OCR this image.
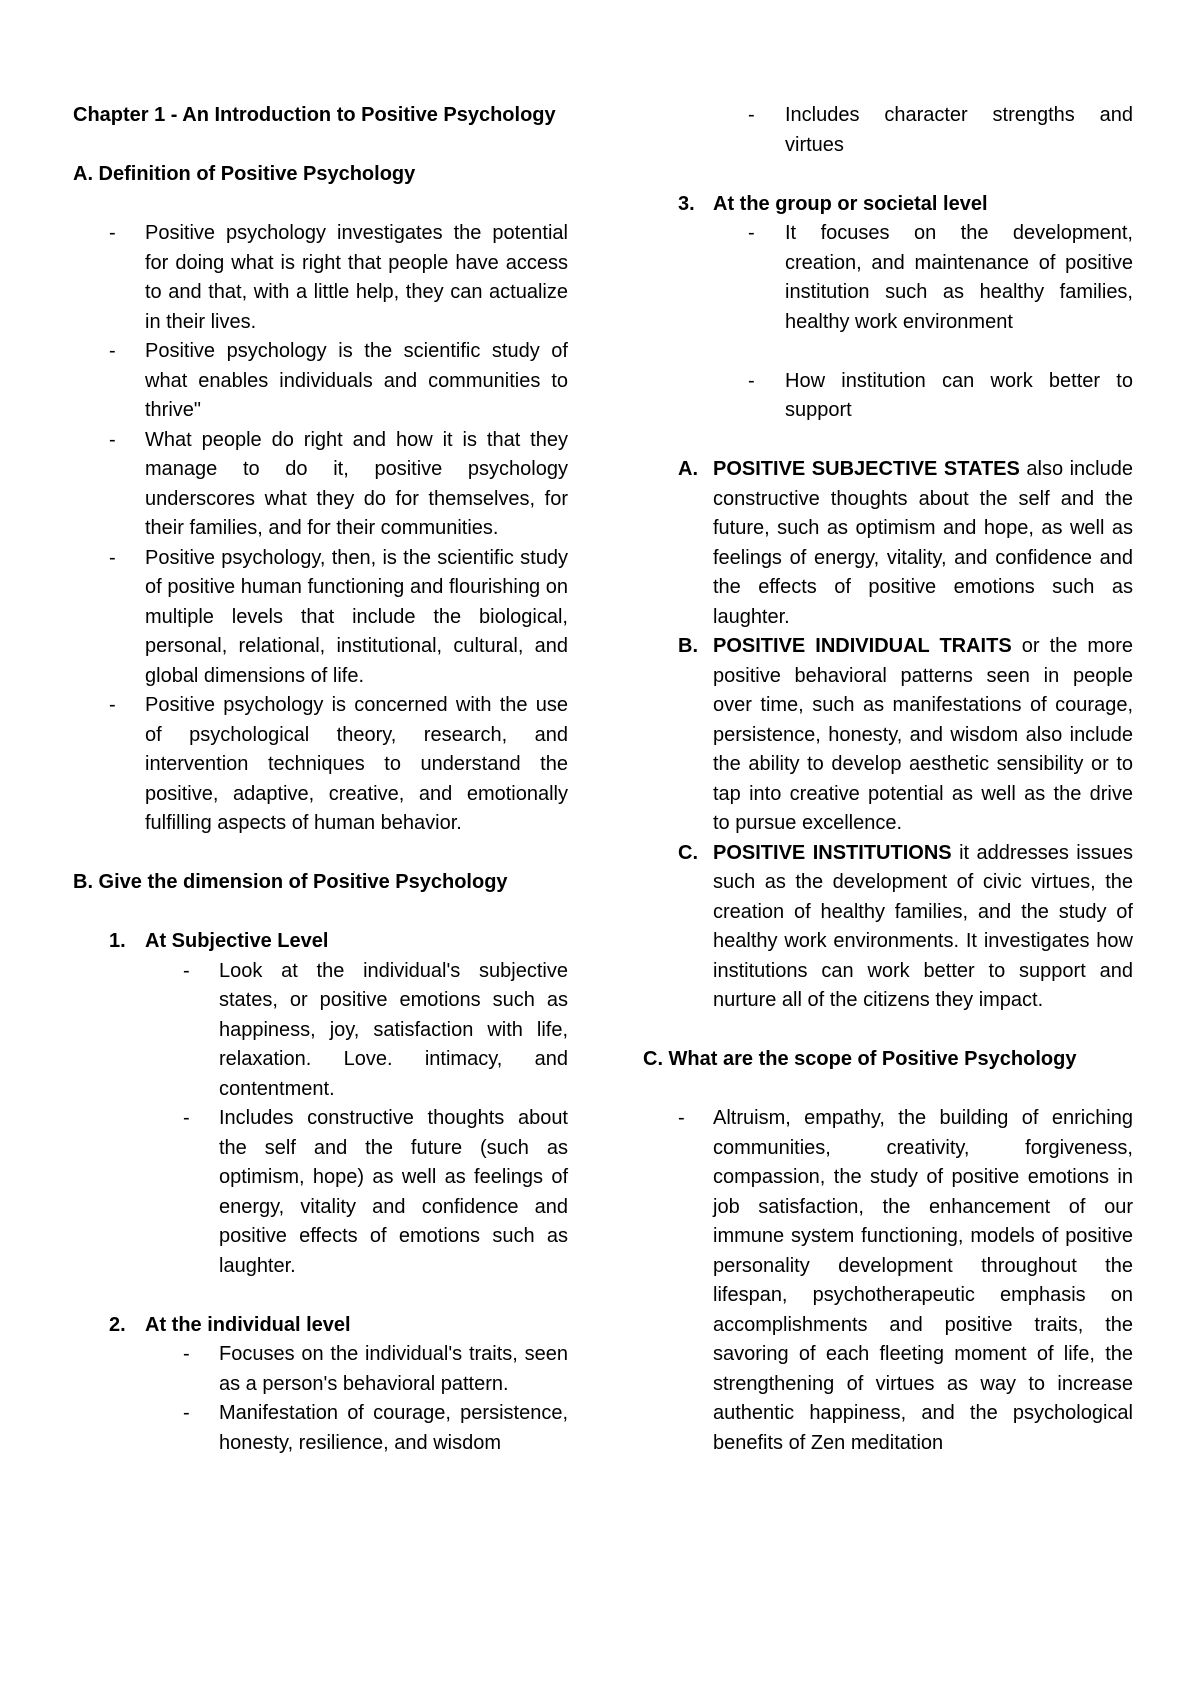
Chapter 1 - An Introduction to Positive Psychology
A. Definition of Positive Psychology
- Positive psychology investigates the potential for doing what is right that people have access to and that, with a little help, they can actualize in their lives.
- Positive psychology is the scientific study of what enables individuals and communities to thrive"
- What people do right and how it is that they manage to do it, positive psychology underscores what they do for themselves, for their families, and for their communities.
- Positive psychology, then, is the scientific study of positive human functioning and flourishing on multiple levels that include the biological, personal, relational, institutional, cultural, and global dimensions of life.
- Positive psychology is concerned with the use of psychological theory, research, and intervention techniques to understand the positive, adaptive, creative, and emotionally fulfilling aspects of human behavior.
B. Give the dimension of Positive Psychology
1. At Subjective Level
- Look at the individual's subjective states, or positive emotions such as happiness, joy, satisfaction with life, relaxation. Love. intimacy, and contentment.
- Includes constructive thoughts about the self and the future (such as optimism, hope) as well as feelings of energy, vitality and confidence and positive effects of emotions such as laughter.
2. At the individual level
- Focuses on the individual's traits, seen as a person's behavioral pattern.
- Manifestation of courage, persistence, honesty, resilience, and wisdom
- Includes character strengths and virtues
3. At the group or societal level
- It focuses on the development, creation, and maintenance of positive institution such as healthy families, healthy work environment
- How institution can work better to support
A. POSITIVE SUBJECTIVE STATES also include constructive thoughts about the self and the future, such as optimism and hope, as well as feelings of energy, vitality, and confidence and the effects of positive emotions such as laughter.
B. POSITIVE INDIVIDUAL TRAITS or the more positive behavioral patterns seen in people over time, such as manifestations of courage, persistence, honesty, and wisdom also include the ability to develop aesthetic sensibility or to tap into creative potential as well as the drive to pursue excellence.
C. POSITIVE INSTITUTIONS it addresses issues such as the development of civic virtues, the creation of healthy families, and the study of healthy work environments. It investigates how institutions can work better to support and nurture all of the citizens they impact.
C. What are the scope of Positive Psychology
- Altruism, empathy, the building of enriching communities, creativity, forgiveness, compassion, the study of positive emotions in job satisfaction, the enhancement of our immune system functioning, models of positive personality development throughout the lifespan, psychotherapeutic emphasis on accomplishments and positive traits, the savoring of each fleeting moment of life, the strengthening of virtues as way to increase authentic happiness, and the psychological benefits of Zen meditation
